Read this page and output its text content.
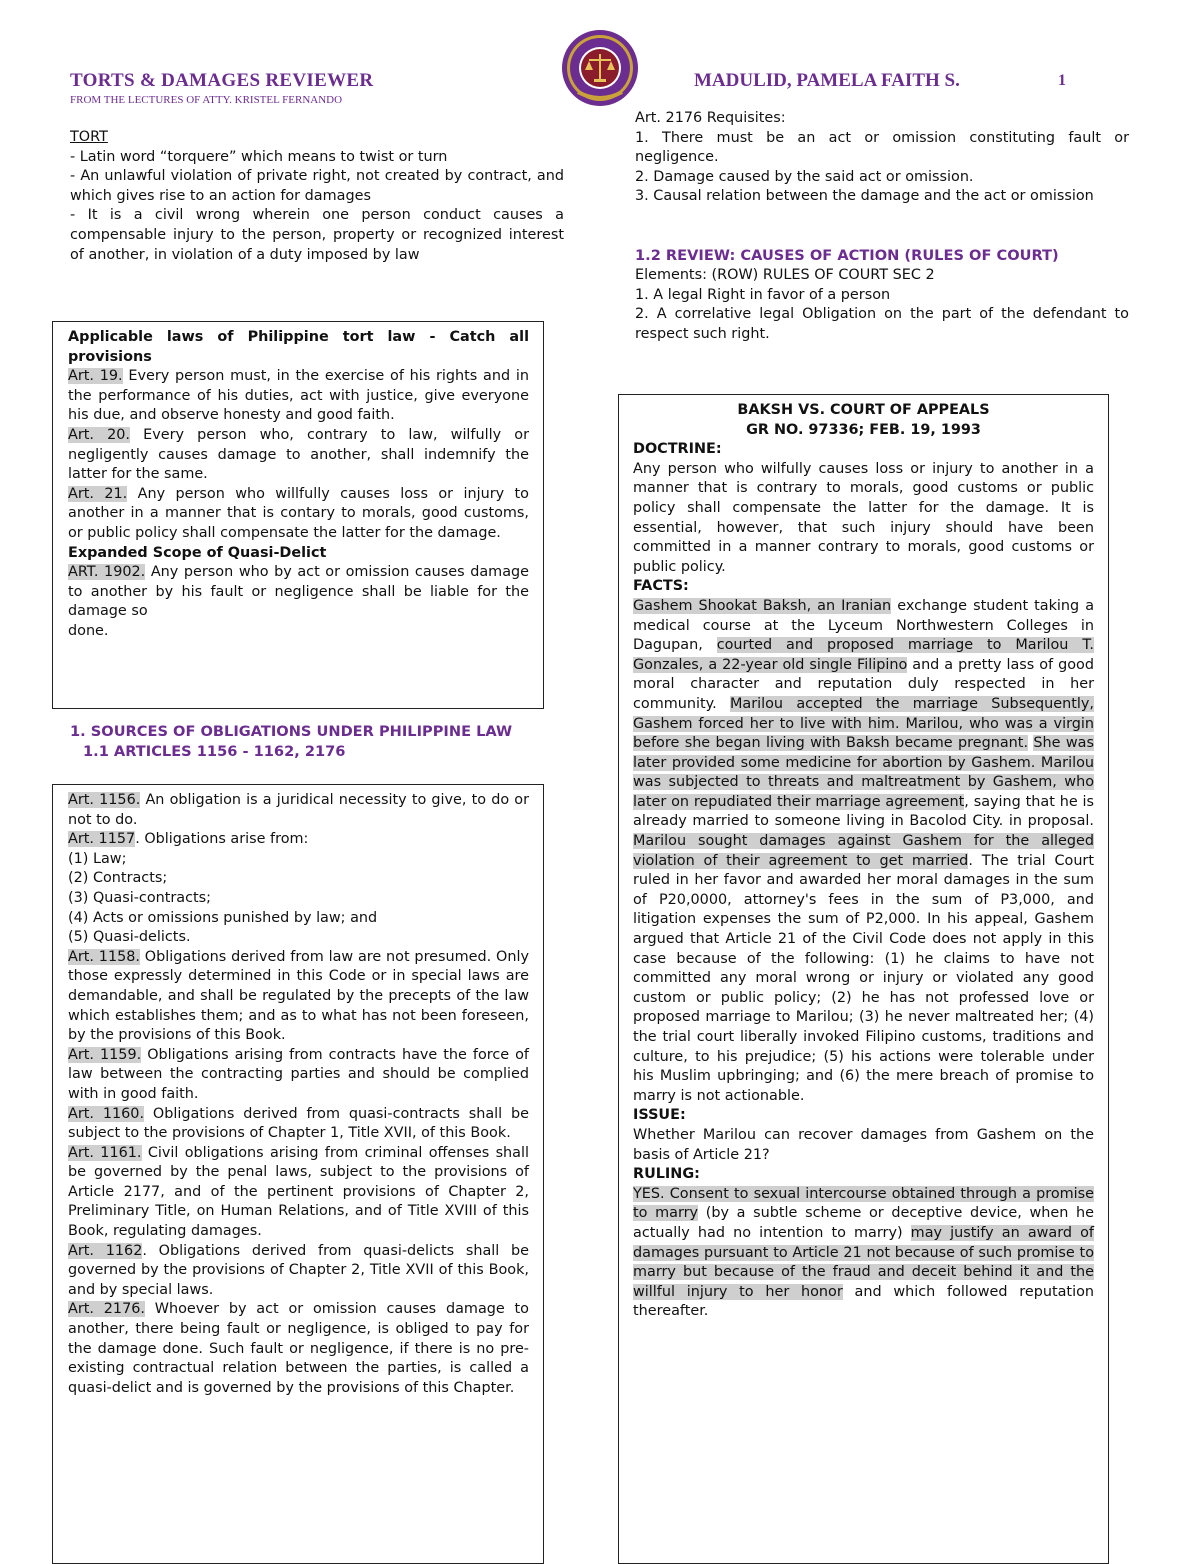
TORTS & DAMAGES REVIEWER
FROM THE LECTURES OF ATTY. KRISTEL FERNANDO
MADULID, PAMELA FAITH S.	1

TORT

- Latin word “torquere” which means to twist or turn

- An unlawful violation of private right, not created by contract, and which gives rise to an action for damages

- It is a civil wrong wherein one person conduct causes a compensable injury to the person, property or recognized interest of another, in violation of a duty imposed by law

Applicable laws of Philippine tort law - Catch all provisions

Art. 19. Every person must, in the exercise of his rights and in the performance of his duties, act with justice, give everyone his due, and observe honesty and good faith.

Art. 20. Every person who, contrary to law, wilfully or negligently causes damage to another, shall indemnify the latter for the same.

Art. 21. Any person who willfully causes loss or injury to another in a manner that is contary to morals, good customs, or public policy shall compensate the latter for the damage.

Expanded Scope of Quasi-Delict

ART. 1902. Any person who by act or omission causes damage to another by his fault or negligence shall be liable for the damage so

done.

1. SOURCES OF OBLIGATIONS UNDER PHILIPPINE LAW
1.1 ARTICLES 1156 - 1162, 2176

Art. 1156. An obligation is a juridical necessity to give, to do or not to do.

Art. 1157. Obligations arise from:

(1) Law;

(2) Contracts;

(3) Quasi-contracts;

(4) Acts or omissions punished by law; and

(5) Quasi-delicts.

Art. 1158. Obligations derived from law are not presumed. Only those expressly determined in this Code or in special laws are demandable, and shall be regulated by the precepts of the law which establishes them; and as to what has not been foreseen, by the provisions of this Book.

Art. 1159. Obligations arising from contracts have the force of law between the contracting parties and should be complied with in good faith.

Art. 1160. Obligations derived from quasi-contracts shall be subject to the provisions of Chapter 1, Title XVII, of this Book.

Art. 1161. Civil obligations arising from criminal offenses shall be governed by the penal laws, subject to the provisions of Article 2177, and of the pertinent provisions of Chapter 2, Preliminary Title, on Human Relations, and of Title XVIII of this Book, regulating damages.

Art. 1162. Obligations derived from quasi-delicts shall be governed by the provisions of Chapter 2, Title XVII of this Book, and by special laws.

Art. 2176. Whoever by act or omission causes damage to another, there being fault or negligence, is obliged to pay for the damage done. Such fault or negligence, if there is no pre-existing contractual relation between the parties, is called a quasi-delict and is governed by the provisions of this Chapter.

Art. 2176 Requisites:

1. There must be an act or omission constituting fault or negligence.

2. Damage caused by the said act or omission.

3. Causal relation between the damage and the act or omission

1.2 REVIEW: CAUSES OF ACTION (RULES OF COURT)

Elements: (ROW) RULES OF COURT SEC 2

1. A legal Right in favor of a person

2. A correlative legal Obligation on the part of the defendant to respect such right.

BAKSH VS. COURT OF APPEALS

GR NO. 97336; FEB. 19, 1993

DOCTRINE:

Any person who wilfully causes loss or injury to another in a manner that is contrary to morals, good customs or public policy shall compensate the latter for the damage. It is essential, however, that such injury should have been committed in a manner contrary to morals, good customs or public policy.

FACTS:

Gashem Shookat Baksh, an Iranian exchange student taking a medical course at the Lyceum Northwestern Colleges in Dagupan, courted and proposed marriage to Marilou T. Gonzales, a 22-year old single Filipino and a pretty lass of good moral character and reputation duly respected in her community. Marilou accepted the marriage Subsequently, Gashem forced her to live with him. Marilou, who was a virgin before she began living with Baksh became pregnant. She was later provided some medicine for abortion by Gashem. Marilou was subjected to threats and maltreatment by Gashem, who later on repudiated their marriage agreement, saying that he is already married to someone living in Bacolod City. in proposal. Marilou sought damages against Gashem for the alleged violation of their agreement to get married. The trial Court ruled in her favor and awarded her moral damages in the sum of P20,0000, attorney's fees in the sum of P3,000, and litigation expenses the sum of P2,000. In his appeal, Gashem argued that Article 21 of the Civil Code does not apply in this case because of the following: (1) he claims to have not committed any moral wrong or injury or violated any good custom or public policy; (2) he has not professed love or proposed marriage to Marilou; (3) he never maltreated her; (4) the trial court liberally invoked Filipino customs, traditions and culture, to his prejudice; (5) his actions were tolerable under his Muslim upbringing; and (6) the mere breach of promise to marry is not actionable.

ISSUE:

Whether Marilou can recover damages from Gashem on the basis of Article 21?

RULING:

YES. Consent to sexual intercourse obtained through a promise to marry (by a subtle scheme or deceptive device, when he actually had no intention to marry) may justify an award of damages pursuant to Article 21 not because of such promise to marry but because of the fraud and deceit behind it and the willful injury to her honor and which followed reputation thereafter.
